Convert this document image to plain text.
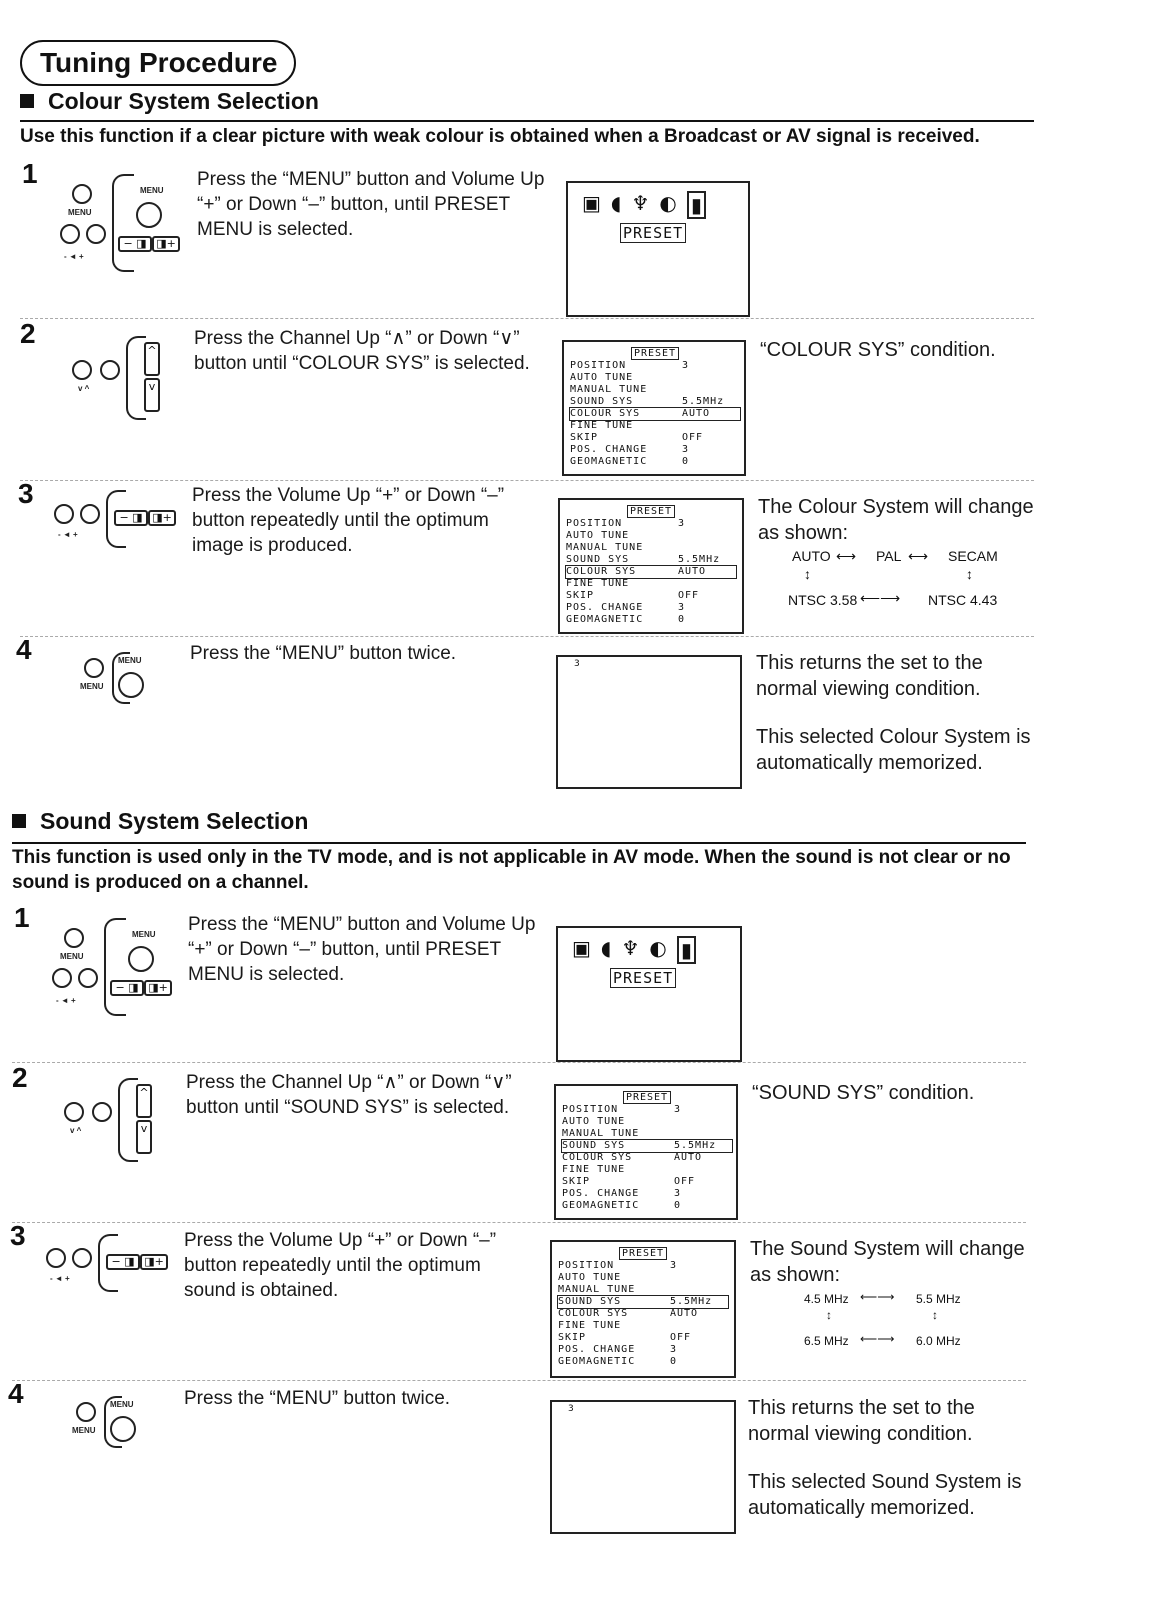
Tuning Procedure
Colour System Selection
Use this function if a clear picture with weak colour is obtained when a Broadcast or AV signal is received.
1
MENU
- ◄ +
MENU
− ◨ ◨+
Press the “MENU” button and Volume Up “+” or Down “–” button, until PRESET MENU is selected.
▣ ◖ ♆ ◐ ▮
PRESET
2
v ^
^
v
Press the Channel Up “∧” or Down “∨” button until “COLOUR SYS” is selected.	PRESET
POSITION	3
AUTO TUNE
MANUAL TUNE
SOUND SYS	5.5MHz
COLOUR SYS	AUTO
FINE TUNE
SKIP	OFF
POS. CHANGE	3
GEOMAGNETIC	0
“COLOUR SYS” condition.
3
- ◄ +
− ◨ ◨+
Press the Volume Up “+” or Down “–” button repeatedly until the optimum image is produced.
PRESET
POSITION	3
AUTO TUNE
MANUAL TUNE
SOUND SYS	5.5MHz
COLOUR SYS	AUTO
FINE TUNE
SKIP	OFF
POS. CHANGE	3
GEOMAGNETIC	0
The Colour System will change as shown:
AUTO ⟷ PAL ⟷ SECAM
↕	↕
NTSC 3.58 ⟵⟶ NTSC 4.43
4
MENU
MENU	Press the “MENU” button twice.	3	This returns the set to the normal viewing condition.
This selected Colour System is automatically memorized.
Sound System Selection
This function is used only in the TV mode, and is not applicable in AV mode. When the sound is not clear or no sound is produced on a channel.
1
MENU
- ◄ +
MENU
− ◨ ◨+
Press the “MENU” button and Volume Up “+” or Down “–” button, until PRESET MENU is selected.
▣ ◖ ♆ ◐ ▮
PRESET
2
v ^
^
v
Press the Channel Up “∧” or Down “∨” button until “SOUND SYS” is selected.	PRESET
POSITION	3
AUTO TUNE
MANUAL TUNE
SOUND SYS	5.5MHz
COLOUR SYS	AUTO
FINE TUNE
SKIP	OFF
POS. CHANGE	3
GEOMAGNETIC	0
“SOUND SYS” condition.
3
- ◄ +
− ◨ ◨+
Press the Volume Up “+” or Down “–” button repeatedly until the optimum sound is obtained.
PRESET
POSITION	3
AUTO TUNE
MANUAL TUNE
SOUND SYS	5.5MHz
COLOUR SYS	AUTO
FINE TUNE
SKIP	OFF
POS. CHANGE	3
GEOMAGNETIC	0
The Sound System will change as shown:
4.5 MHz ⟵⟶ 5.5 MHz
↕	↕
6.5 MHz ⟵⟶ 6.0 MHz
4
MENU
MENU	Press the “MENU” button twice.	3	This returns the set to the normal viewing condition.
This selected Sound System is automatically memorized.
